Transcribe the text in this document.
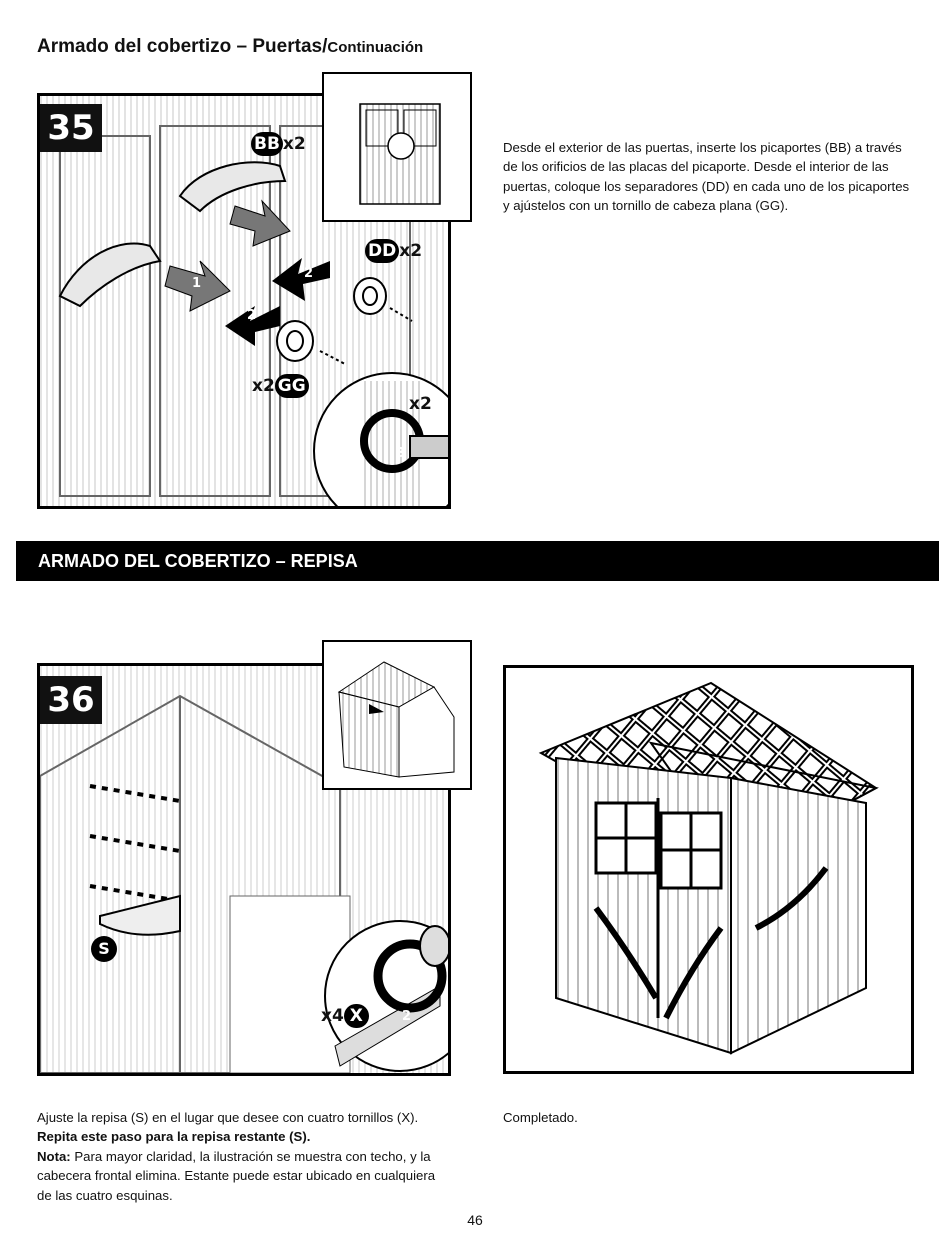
Armado del cobertizo – Puertas/Continuación
35	BB x2
DD x2
x2 GG
x2
1
2
2
3

Desde el exterior de las puertas, inserte los picaportes (BB) a través de los orificios de las placas del picaporte. Desde el interior de las puertas, coloque los separadores (DD) en cada uno de los picaportes y ajústelos con un tornillo de cabeza plana (GG).

ARMADO DEL COBERTIZO – REPISA
36
S
x4 X	2

Ajuste la repisa (S) en el lugar que desee con cuatro tornillos (X). Repita este paso para la repisa restante (S).

Nota: Para mayor claridad, la ilustración se muestra con techo, y la cabecera frontal elimina. Estante puede estar ubicado en cualquiera de las cuatro esquinas.

Completado.
46
